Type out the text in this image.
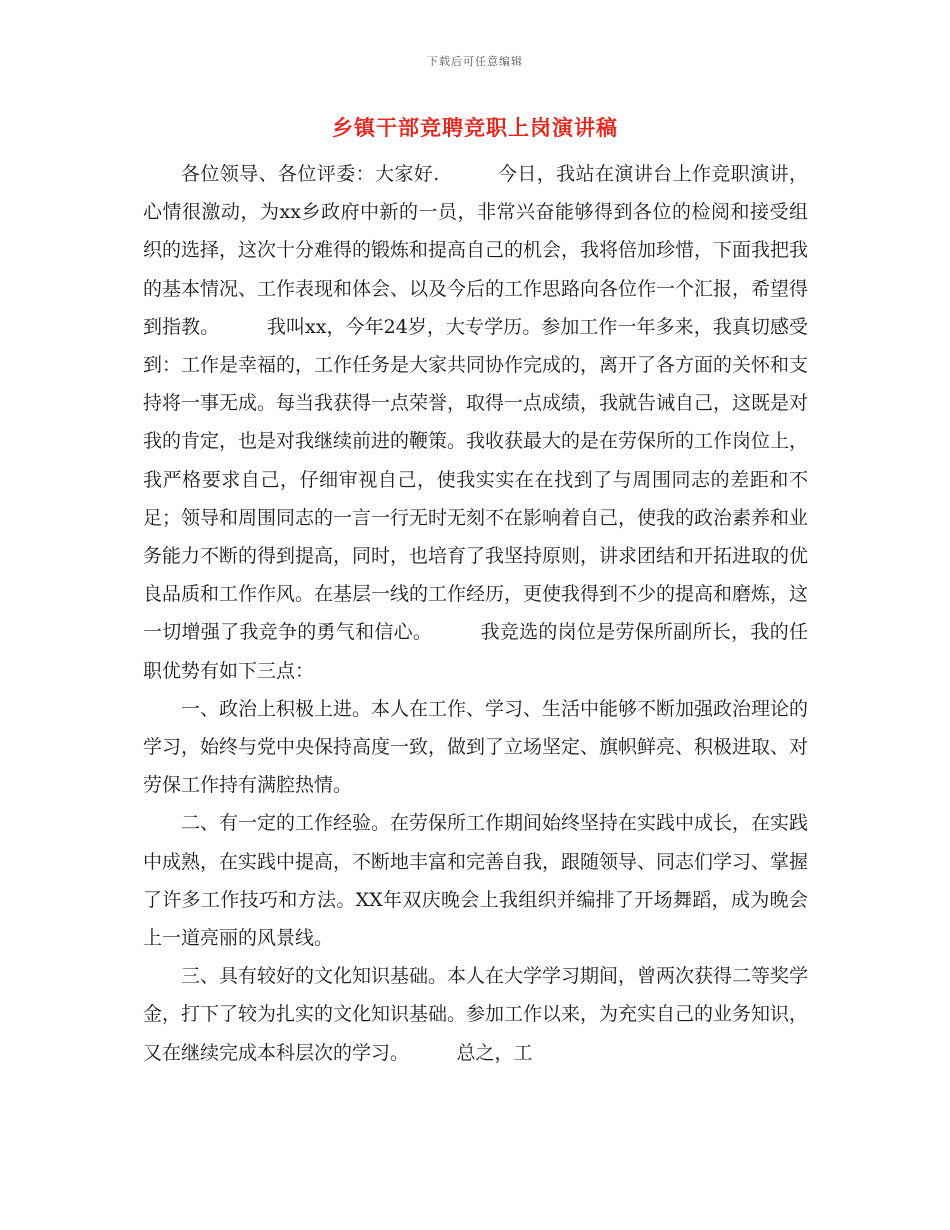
下载后可任意编辑
乡镇干部竞聘竞职上岗演讲稿

各位领导、各位评委：大家好.　　　今日，我站在演讲台上作竞职演讲，心情很激动，为xx乡政府中新的一员，非常兴奋能够得到各位的检阅和接受组织的选择，这次十分难得的锻炼和提高自己的机会，我将倍加珍惜，下面我把我的基本情况、工作表现和体会、以及今后的工作思路向各位作一个汇报，希望得到指教。　　　我叫xx，今年24岁，大专学历。参加工作一年多来，我真切感受到：工作是幸福的，工作任务是大家共同协作完成的，离开了各方面的关怀和支持将一事无成。每当我获得一点荣誉，取得一点成绩，我就告诫自己，这既是对我的肯定，也是对我继续前进的鞭策。我收获最大的是在劳保所的工作岗位上，我严格要求自己，仔细审视自己，使我实实在在找到了与周围同志的差距和不足；领导和周围同志的一言一行无时无刻不在影响着自己，使我的政治素养和业务能力不断的得到提高，同时，也培育了我坚持原则，讲求团结和开拓进取的优良品质和工作作风。在基层一线的工作经历，更使我得到不少的提高和磨炼，这一切增强了我竞争的勇气和信心。　　　我竞选的岗位是劳保所副所长，我的任职优势有如下三点：

一、政治上积极上进。本人在工作、学习、生活中能够不断加强政治理论的学习，始终与党中央保持高度一致，做到了立场坚定、旗帜鲜亮、积极进取、对劳保工作持有满腔热情。

二、有一定的工作经验。在劳保所工作期间始终坚持在实践中成长，在实践中成熟，在实践中提高，不断地丰富和完善自我，跟随领导、同志们学习、掌握了许多工作技巧和方法。XX年双庆晚会上我组织并编排了开场舞蹈，成为晚会上一道亮丽的风景线。

三、具有较好的文化知识基础。本人在大学学习期间，曾两次获得二等奖学金，打下了较为扎实的文化知识基础。参加工作以来，为充实自己的业务知识，又在继续完成本科层次的学习。　　　总之，工
